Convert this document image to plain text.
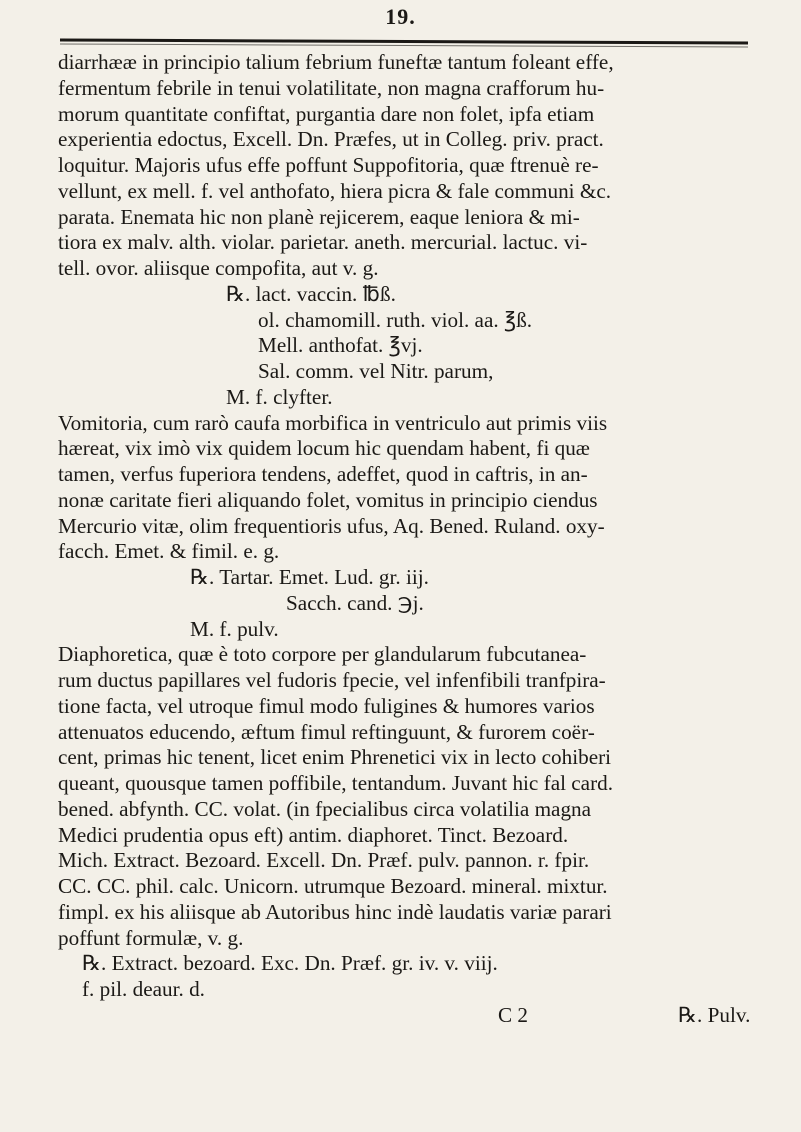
19.
diarrhææ in principio talium febrium funeftæ tantum foleant effe,
fermentum febrile in tenui volatilitate, non magna crafforum hu-
morum quantitate confiftat, purgantia dare non folet, ipfa etiam
experientia edoctus, Excell. Dn. Præfes, ut in Colleg. priv. pract.
loquitur. Majoris ufus effe poffunt Suppofitoria, quæ ftrenuè re-
vellunt, ex mell. f. vel anthofato, hiera picra & fale communi &c.
parata. Enemata hic non planè rejicerem, eaque leniora & mi-
tiora ex malv. alth. violar. parietar. aneth. mercurial. lactuc. vi-
tell. ovor. aliisque compofita, aut v. g.
℞. lact. vaccin. ℔ß.
ol. chamomill. ruth. viol. aa. ℥ß.
Mell. anthofat. ℥vj.
Sal. comm. vel Nitr. parum,
M. f. clyfter.
Vomitoria, cum rarò caufa morbifica in ventriculo aut primis viis
hæreat, vix imò vix quidem locum hic quendam habent, fi quæ
tamen, verfus fuperiora tendens, adeffet, quod in caftris, in an-
nonæ caritate fieri aliquando folet, vomitus in principio ciendus
Mercurio vitæ, olim frequentioris ufus, Aq. Bened. Ruland. oxy-
facch. Emet. & fimil. e. g.
℞. Tartar. Emet. Lud. gr. iij.
Sacch. cand. ℈j.
M. f. pulv.
Diaphoretica, quæ è toto corpore per glandularum fubcutanea-
rum ductus papillares vel fudoris fpecie, vel infenfibili tranfpira-
tione facta, vel utroque fimul modo fuligines & humores varios
attenuatos educendo, æftum fimul reftinguunt, & furorem coër-
cent, primas hic tenent, licet enim Phrenetici vix in lecto cohiberi
queant, quousque tamen poffibile, tentandum. Juvant hic fal card.
bened. abfynth. CC. volat. (in fpecialibus circa volatilia magna
Medici prudentia opus eft) antim. diaphoret. Tinct. Bezoard.
Mich. Extract. Bezoard. Excell. Dn. Præf. pulv. pannon. r. fpir.
CC. CC. phil. calc. Unicorn. utrumque Bezoard. mineral. mixtur.
fimpl. ex his aliisque ab Autoribus hinc indè laudatis variæ parari
poffunt formulæ, v. g.
℞. Extract. bezoard. Exc. Dn. Præf. gr. iv. v. viij.
f. pil. deaur. d.
C 2	℞. Pulv.
